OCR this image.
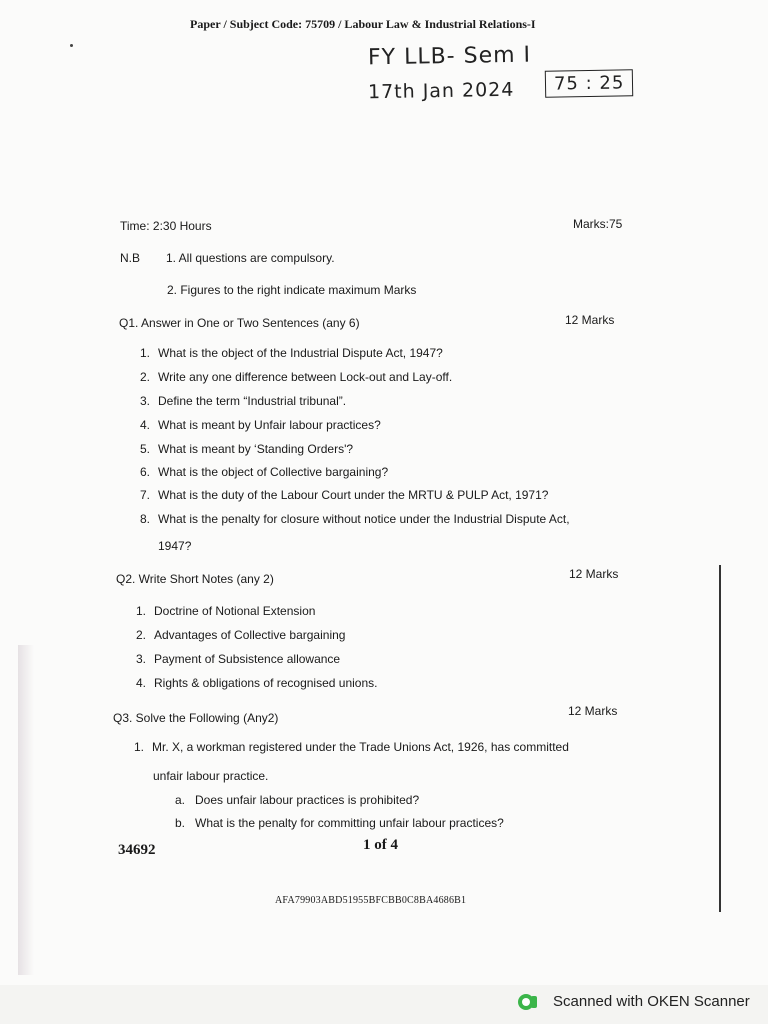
Paper / Subject Code: 75709 / Labour Law & Industrial Relations-I
FY LLB- Sem I
17th Jan 2024	75 : 25
Time: 2:30 Hours	Marks:75
N.B 1. All questions are compulsory.
2. Figures to the right indicate maximum Marks
Q1. Answer in One or Two Sentences (any 6)	12 Marks
1. What is the object of the Industrial Dispute Act, 1947?
2. Write any one difference between Lock-out and Lay-off.
3. Define the term “Industrial tribunal”.
4. What is meant by Unfair labour practices?
5. What is meant by ‘Standing Orders'?
6. What is the object of Collective bargaining?
7. What is the duty of the Labour Court under the MRTU & PULP Act, 1971?
8. What is the penalty for closure without notice under the Industrial Dispute Act,
1947?
Q2. Write Short Notes (any 2)	12 Marks
1. Doctrine of Notional Extension
2. Advantages of Collective bargaining
3. Payment of Subsistence allowance
4. Rights & obligations of recognised unions.
Q3. Solve the Following (Any2)	12 Marks
1. Mr. X, a workman registered under the Trade Unions Act, 1926, has committed
unfair labour practice.
a. Does unfair labour practices is prohibited?
b. What is the penalty for committing unfair labour practices?
34692	1 of 4
AFA79903ABD51955BFCBB0C8BA4686B1
Scanned with OKEN Scanner
